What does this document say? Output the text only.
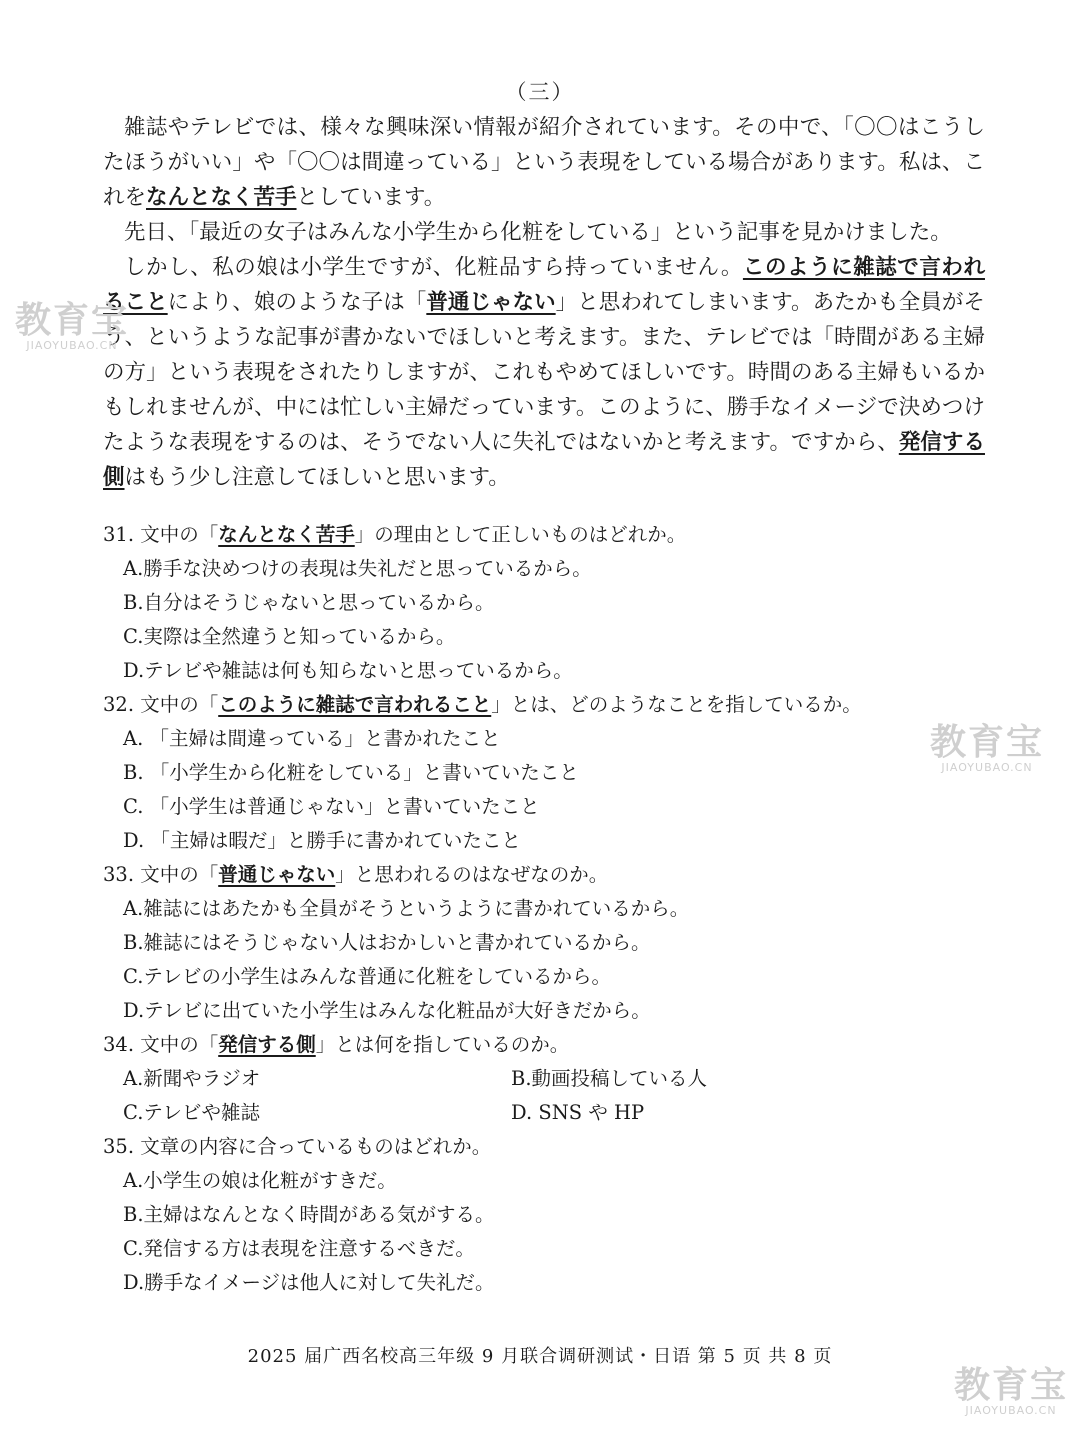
（三）

雑誌やテレビでは、様々な興味深い情報が紹介されています。その中で、「〇〇はこうしたほうがいい」や「〇〇は間違っている」という表現をしている場合があります。私は、これをなんとなく苦手としています。

先日、「最近の女子はみんな小学生から化粧をしている」という記事を見かけました。

しかし、私の娘は小学生ですが、化粧品すら持っていません。このように雑誌で言われることにより、娘のような子は「普通じゃない」と思われてしまいます。あたかも全員がそう、というような記事が書かないでほしいと考えます。また、テレビでは「時間がある主婦の方」という表現をされたりしますが、これもやめてほしいです。時間のある主婦もいるかもしれませんが、中には忙しい主婦だっています。このように、勝手なイメージで決めつけたような表現をするのは、そうでない人に失礼ではないかと考えます。ですから、発信する側はもう少し注意してほしいと思います。

31. 文中の「なんとなく苦手」の理由として正しいものはどれか。
A.勝手な決めつけの表現は失礼だと思っているから。
B.自分はそうじゃないと思っているから。
C.実際は全然違うと知っているから。
D.テレビや雑誌は何も知らないと思っているから。
32. 文中の「このように雑誌で言われること」とは、どのようなことを指しているか。
A. 「主婦は間違っている」と書かれたこと
B. 「小学生から化粧をしている」と書いていたこと
C. 「小学生は普通じゃない」と書いていたこと
D. 「主婦は暇だ」と勝手に書かれていたこと
33. 文中の「普通じゃない」と思われるのはなぜなのか。
A.雑誌にはあたかも全員がそうというように書かれているから。
B.雑誌にはそうじゃない人はおかしいと書かれているから。
C.テレビの小学生はみんな普通に化粧をしているから。
D.テレビに出ていた小学生はみんな化粧品が大好きだから。
34. 文中の「発信する側」とは何を指しているのか。
A.新聞やラジオ	B.動画投稿している人
C.テレビや雑誌	D. SNS や HP
35. 文章の内容に合っているものはどれか。
A.小学生の娘は化粧がすきだ。
B.主婦はなんとなく時間がある気がする。
C.発信する方は表現を注意するべきだ。
D.勝手なイメージは他人に対して失礼だ。
2025 届广西名校高三年级 9 月联合调研测试・日语 第 5 页 共 8 页
教育宝
JIAOYUBAO.CN
教育宝
JIAOYUBAO.CN
教育宝
JIAOYUBAO.CN
